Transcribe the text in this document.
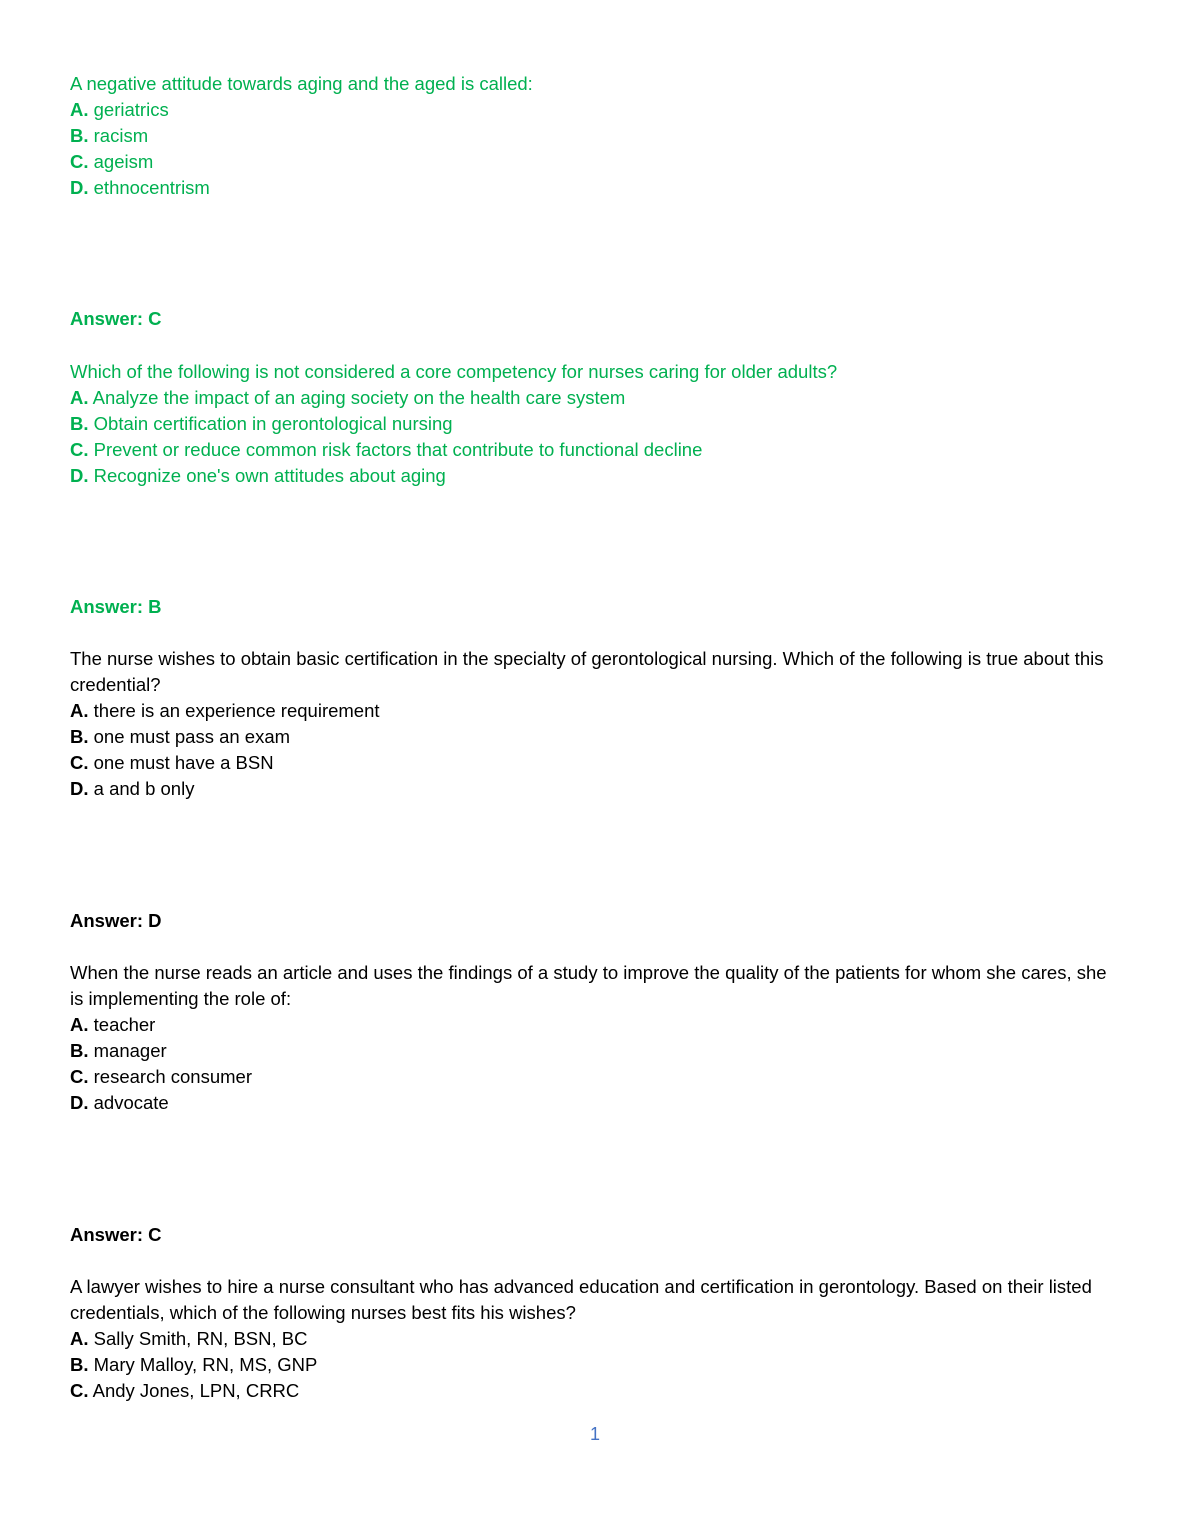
A negative attitude towards aging and the aged is called:

A. geriatrics

B. racism

C. ageism

D. ethnocentrism

Answer: C

Which of the following is not considered a core competency for nurses caring for older adults?

A. Analyze the impact of an aging society on the health care system

B. Obtain certification in gerontological nursing

C. Prevent or reduce common risk factors that contribute to functional decline

D. Recognize one's own attitudes about aging

Answer: B

The nurse wishes to obtain basic certification in the specialty of gerontological nursing. Which of the following is true about this credential?

A. there is an experience requirement

B. one must pass an exam

C. one must have a BSN

D. a and b only

Answer: D

When the nurse reads an article and uses the findings of a study to improve the quality of the patients for whom she cares, she is implementing the role of:

A. teacher

B. manager

C. research consumer

D. advocate

Answer: C

A lawyer wishes to hire a nurse consultant who has advanced education and certification in gerontology. Based on their listed credentials, which of the following nurses best fits his wishes?

A. Sally Smith, RN, BSN, BC

B. Mary Malloy, RN, MS, GNP

C. Andy Jones, LPN, CRRC

1
